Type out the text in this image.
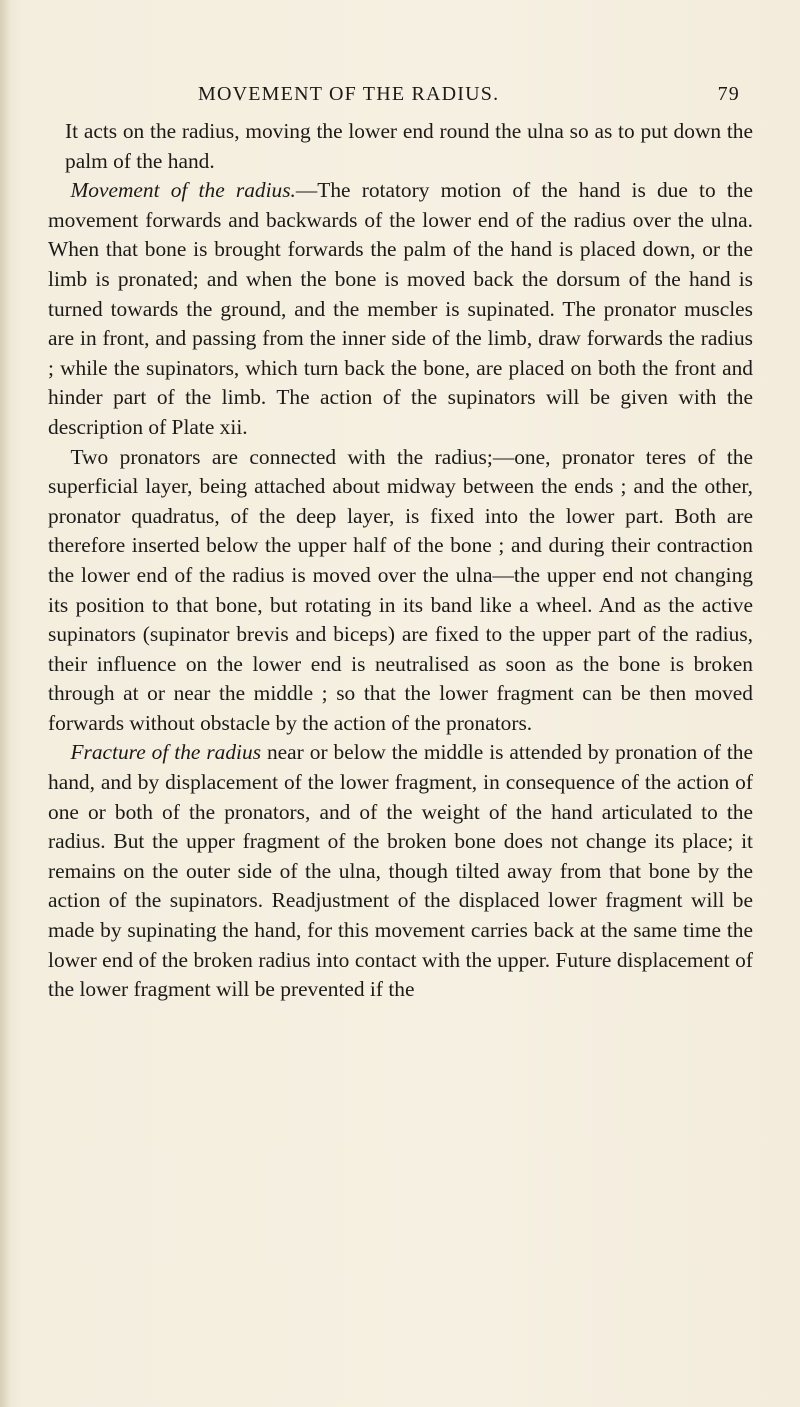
MOVEMENT OF THE RADIUS.	79

It acts on the radius, moving the lower end round the ulna so as to put down the palm of the hand.

Movement of the radius.—The rotatory motion of the hand is due to the movement forwards and backwards of the lower end of the radius over the ulna. When that bone is brought forwards the palm of the hand is placed down, or the limb is pronated; and when the bone is moved back the dorsum of the hand is turned towards the ground, and the member is supinated. The pronator muscles are in front, and passing from the inner side of the limb, draw forwards the radius ; while the supinators, which turn back the bone, are placed on both the front and hinder part of the limb. The action of the supinators will be given with the description of Plate xii.

Two pronators are connected with the radius;—one, pronator teres of the superficial layer, being attached about midway between the ends ; and the other, pronator quadratus, of the deep layer, is fixed into the lower part. Both are therefore inserted below the upper half of the bone ; and during their contraction the lower end of the radius is moved over the ulna—the upper end not changing its position to that bone, but rotating in its band like a wheel. And as the active supinators (supinator brevis and biceps) are fixed to the upper part of the radius, their influence on the lower end is neutralised as soon as the bone is broken through at or near the middle ; so that the lower fragment can be then moved forwards without obstacle by the action of the pronators.

Fracture of the radius near or below the middle is attended by pronation of the hand, and by displacement of the lower fragment, in consequence of the action of one or both of the pronators, and of the weight of the hand articulated to the radius. But the upper fragment of the broken bone does not change its place; it remains on the outer side of the ulna, though tilted away from that bone by the action of the supinators. Readjustment of the displaced lower fragment will be made by supinating the hand, for this movement carries back at the same time the lower end of the broken radius into contact with the upper. Future displacement of the lower fragment will be prevented if the
